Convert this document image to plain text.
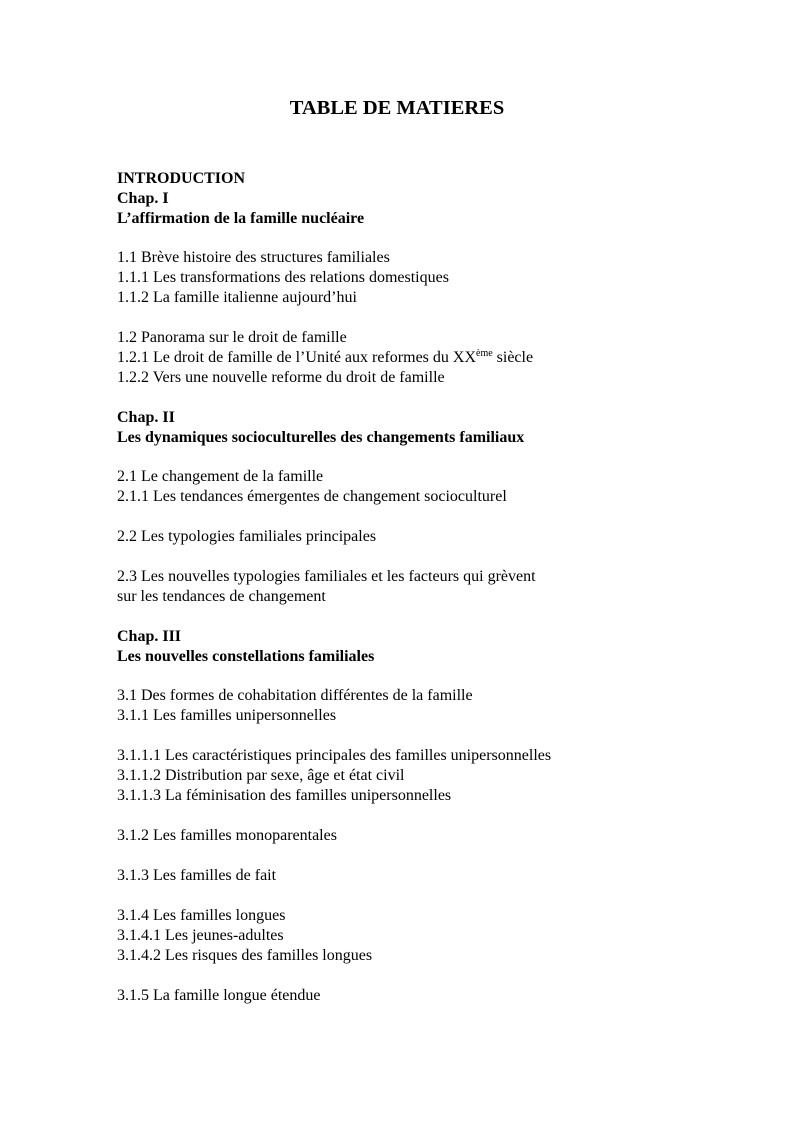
TABLE DE MATIERES
INTRODUCTION
Chap. I
L’affirmation de la famille nucléaire
1.1 Brève histoire des structures familiales
1.1.1 Les transformations des relations domestiques
1.1.2 La famille italienne aujourd’hui
1.2 Panorama sur le droit de famille
1.2.1 Le droit de famille de l’Unité aux reformes du XXème siècle
1.2.2 Vers une nouvelle reforme du droit de famille
Chap. II
Les dynamiques socioculturelles des changements familiaux
2.1 Le changement de la famille
2.1.1 Les tendances émergentes de changement socioculturel
2.2 Les typologies familiales principales
2.3 Les nouvelles typologies familiales et les facteurs qui grèvent
sur les tendances de changement
Chap. III
Les nouvelles constellations familiales
3.1 Des formes de cohabitation différentes de la famille
3.1.1 Les familles unipersonnelles
3.1.1.1 Les caractéristiques principales des familles unipersonnelles
3.1.1.2 Distribution par sexe, âge et état civil
3.1.1.3 La féminisation des familles unipersonnelles
3.1.2 Les familles monoparentales
3.1.3 Les familles de fait
3.1.4 Les familles longues
3.1.4.1 Les jeunes-adultes
3.1.4.2 Les risques des familles longues
3.1.5 La famille longue étendue
